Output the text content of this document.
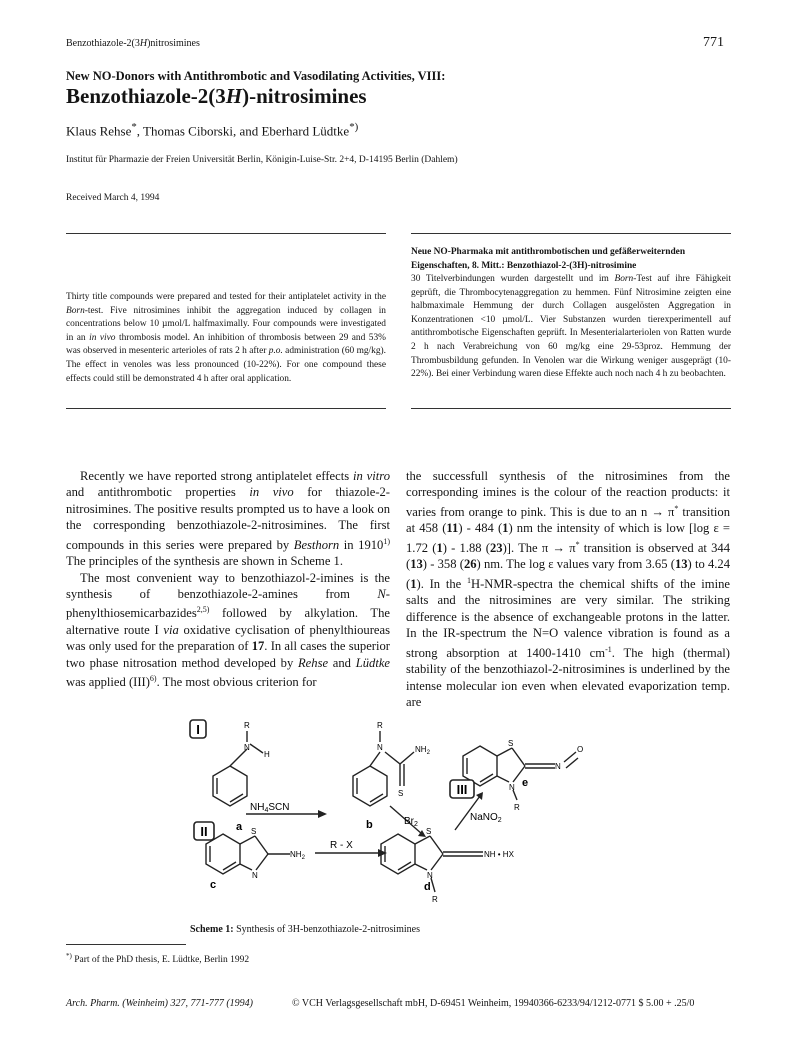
Benzothiazole-2(3H)nitrosimines	771
New NO-Donors with Antithrombotic and Vasodilating Activities, VIII:
Benzothiazole-2(3H)-nitrosimines
Klaus Rehse*, Thomas Ciborski, and Eberhard Lüdtke*)
Institut für Pharmazie der Freien Universität Berlin, Königin-Luise-Str. 2+4, D-14195 Berlin (Dahlem)
Received March 4, 1994
Thirty title compounds were prepared and tested for their antiplatelet activity in the Born-test. Five nitrosimines inhibit the aggregation induced by collagen in concentrations below 10 µmol/L halfmaximally. Four compounds were investigated in an in vivo thrombosis model. An inhibition of thrombosis between 29 and 53% was observed in mesenteric arterioles of rats 2 h after p.o. administration (60 mg/kg). The effect in venoles was less pronounced (10-22%). For one compound these effects could still be demonstrated 4 h after oral application.
Neue NO-Pharmaka mit antithrombotischen und gefäßerweiternden Eigenschaften, 8. Mitt.: Benzothiazol-2-(3H)-nitrosimine
30 Titelverbindungen wurden dargestellt und im Born-Test auf ihre Fähigkeit geprüft, die Thrombocytenaggregation zu hemmen. Fünf Nitrosimine zeigten eine halbmaximale Hemmung der durch Collagen ausgelösten Aggregation in Konzentrationen <10 µmol/L. Vier Substanzen wurden tierexperimentell auf antithrombotische Eigenschaften geprüft. In Mesenterialarteriolen von Ratten wurde 2 h nach Verabreichung von 60 mg/kg eine 29-53proz. Hemmung der Thrombusbildung gefunden. In Venolen war die Wirkung weniger ausgeprägt (10-22%). Bei einer Verbindung waren diese Effekte auch noch nach 4 h zu beobachten.

Recently we have reported strong antiplatelet effects in vitro and antithrombotic properties in vivo for thiazole-2-nitrosimines. The positive results prompted us to have a look on the corresponding benzothiazole-2-nitrosimines. The first compounds in this series were prepared by Besthorn in 1910$^{1)}$ The principles of the synthesis are shown in Scheme 1.

The most convenient way to benzothiazol-2-imines is the synthesis of benzothiazole-2-amines from N-phenylthiosemicarbazides$^{2,5)}$ followed by alkylation. The alternative route I via oxidative cyclisation of phenylthioureas was only used for the preparation of 17. In all cases the superior two phase nitrosation method developed by Rehse and Lüdtke was applied (III)$^{6)}$. The most obvious criterion for

the successfull synthesis of the nitrosimines from the corresponding imines is the colour of the reaction products: it varies from orange to pink. This is due to an n → π* transition at 458 (11) - 484 (1) nm the intensity of which is low [log ε = 1.72 (1) - 1.88 (23)]. The π → π* transition is observed at 344 (13) - 358 (26) nm. The log ε values vary from 3.65 (13) to 4.24 (1). In the $^1$H-NMR-spectra the chemical shifts of the imine salts and the nitrosimines are very similar. The striking difference is the absence of exchangeable protons in the latter. In the IR-spectrum the N=O valence vibration is found as a strong absorption at 1400-1410 $cm^{-1}$. The high (thermal) stability of the benzothiazol-2-nitrosimines is underlined by the intense molecular ion even when elevated evaporization temp. are

I
II
III
R
N
H
R
N	$NH_2$
S
S
N
$NH_2$
S
N
NH • HX
R
S
N
N
O
R
a	b
c	d
e
$NH_4SCN$
$Br_2$
NaNO$_2$
R - X
Scheme 1: Synthesis of 3H-benzothiazole-2-nitrosimines
*) Part of the PhD thesis, E. Lüdtke, Berlin 1992
Arch. Pharm. (Weinheim) 327, 771-777 (1994)	© VCH Verlagsgesellschaft mbH, D-69451 Weinheim, 19940366-6233/94/1212-0771 $ 5.00 + .25/0
